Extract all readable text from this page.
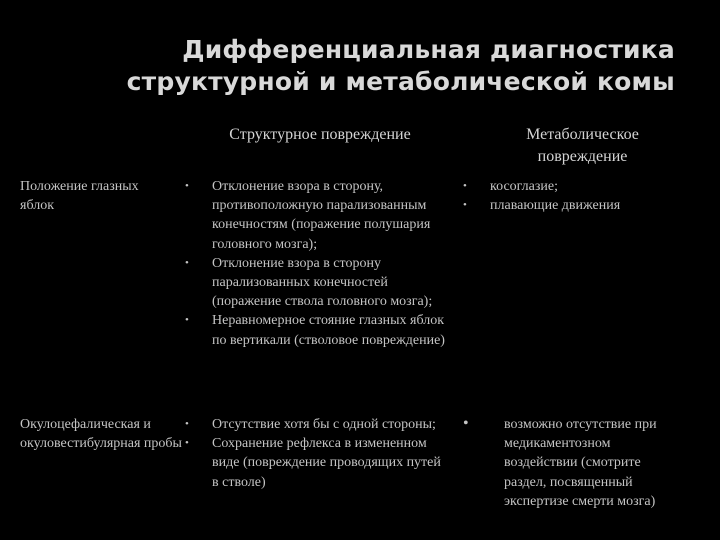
Дифференциальная диагностика
структурной и метаболической комы
Структурное повреждение	Метаболическое
повреждение
Положение глазных яблок
• Отклонение взора в сторону, противоположную парализованным конечностям (поражение полушария головного мозга);
• Отклонение взора в сторону парализованных конечностей (поражение ствола головного мозга);
• Неравномерное стояние глазных яблок по вертикали (стволовое повреждение)
• косоглазие;
• плавающие движения
Окулоцефалическая и окуловестибулярная пробы
• Отсутствие хотя бы с одной стороны;
• Сохранение рефлекса в измененном виде (повреждение проводящих путей в стволе)
• возможно отсутствие при медикаментозном воздействии (смотрите раздел, посвященный экспертизе смерти мозга)
